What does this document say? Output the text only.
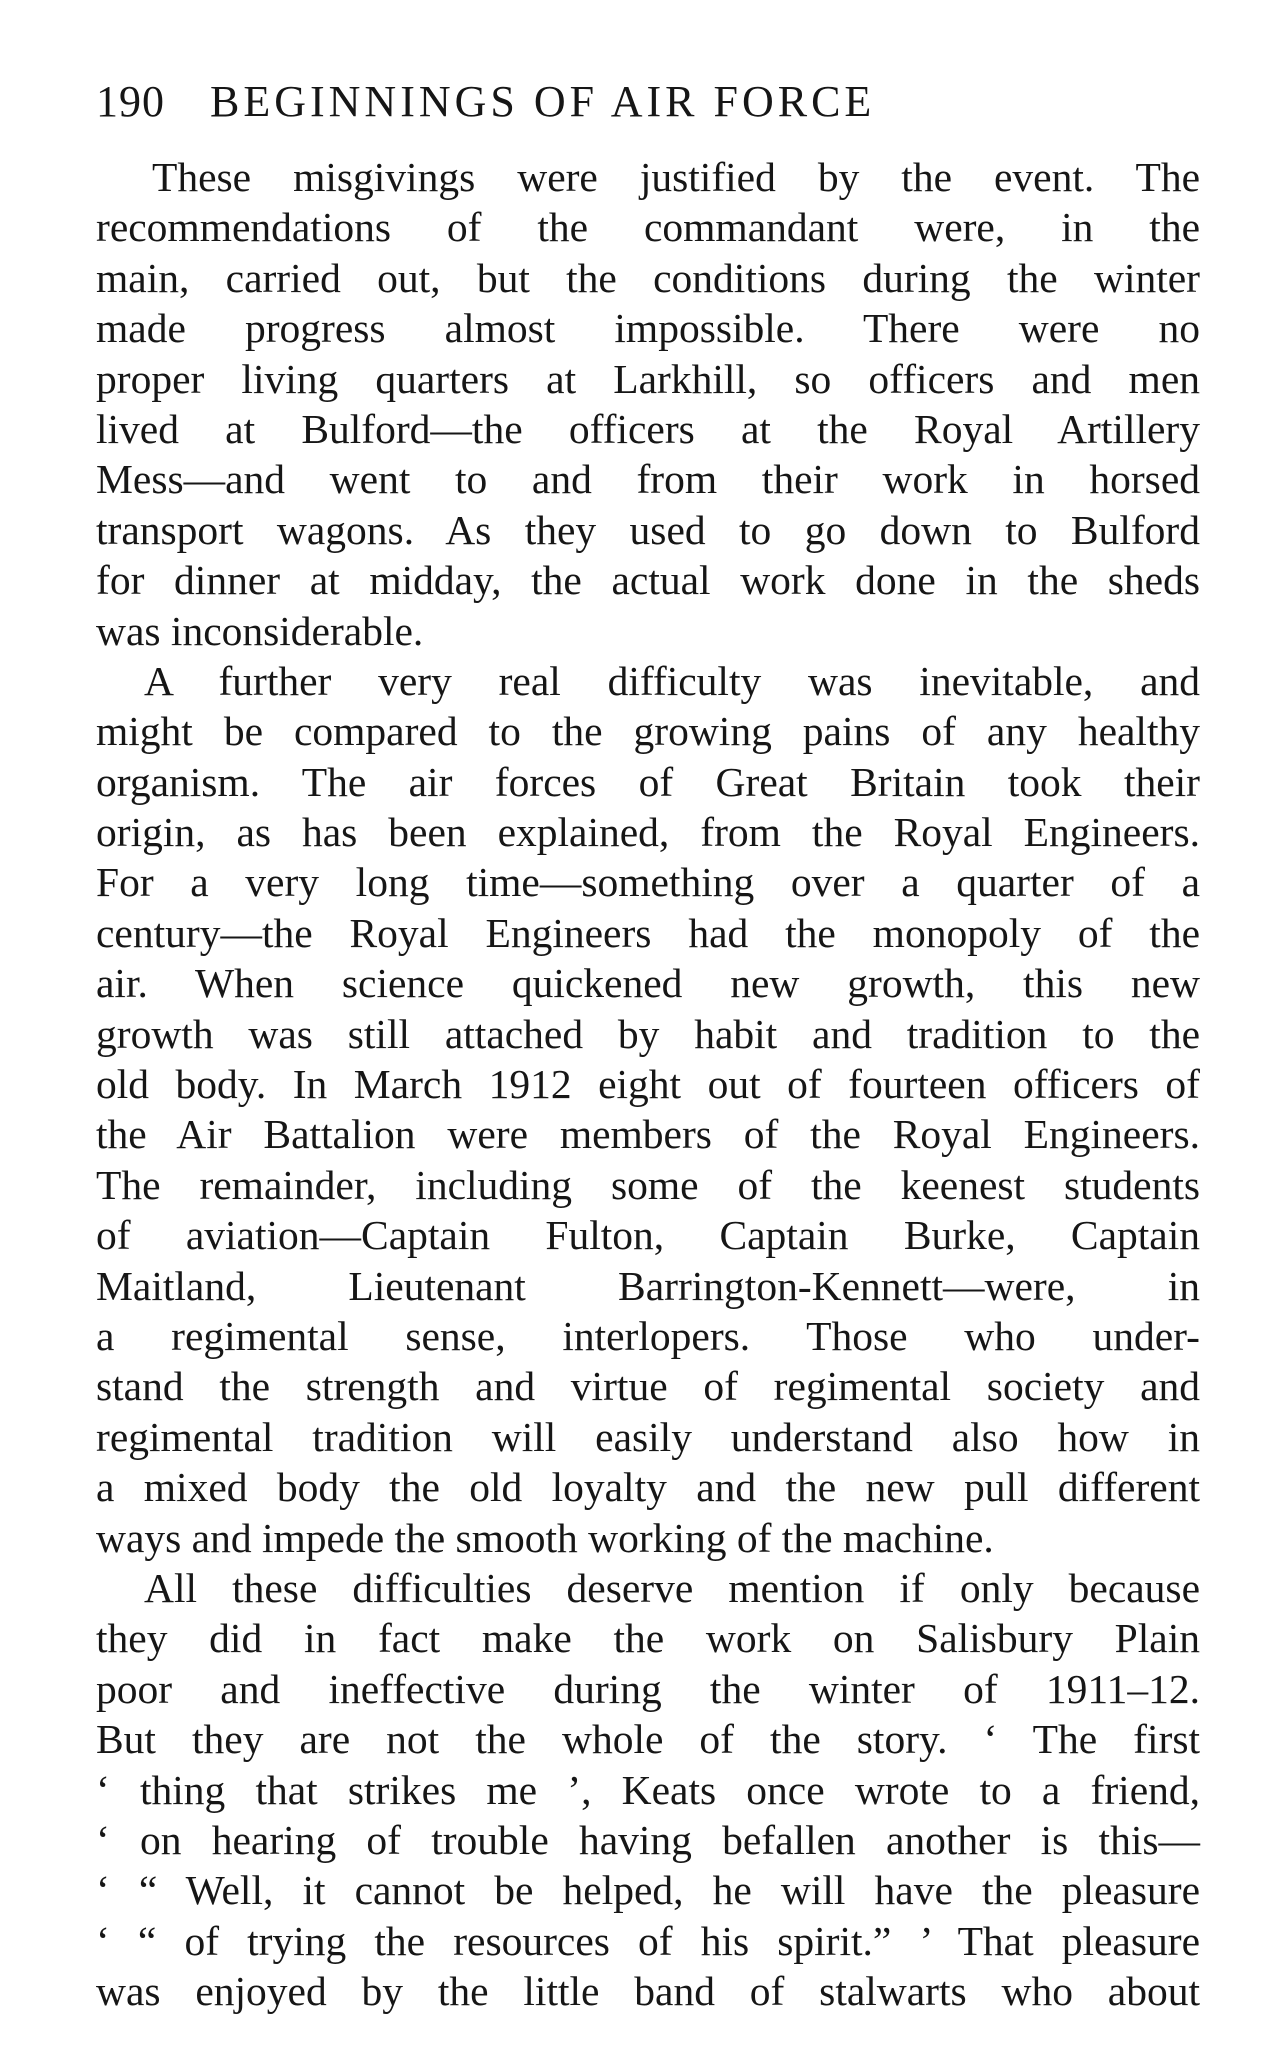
190 BEGINNINGS OF AIR FORCE
These misgivings were justified by the event. The
recommendations of the commandant were, in the
main, carried out, but the conditions during the winter
made progress almost impossible. There were no
proper living quarters at Larkhill, so officers and men
lived at Bulford—the officers at the Royal Artillery
Mess—and went to and from their work in horsed
transport wagons. As they used to go down to Bulford
for dinner at midday, the actual work done in the sheds
was inconsiderable.
A further very real difficulty was inevitable, and
might be compared to the growing pains of any healthy
organism. The air forces of Great Britain took their
origin, as has been explained, from the Royal Engineers.
For a very long time—something over a quarter of a
century—the Royal Engineers had the monopoly of the
air. When science quickened new growth, this new
growth was still attached by habit and tradition to the
old body. In March 1912 eight out of fourteen officers of
the Air Battalion were members of the Royal Engineers.
The remainder, including some of the keenest students
of aviation—Captain Fulton, Captain Burke, Captain
Maitland, Lieutenant Barrington-Kennett—were, in
a regimental sense, interlopers. Those who under-
stand the strength and virtue of regimental society and
regimental tradition will easily understand also how in
a mixed body the old loyalty and the new pull different
ways and impede the smooth working of the machine.
All these difficulties deserve mention if only because
they did in fact make the work on Salisbury Plain
poor and ineffective during the winter of 1911–12.
But they are not the whole of the story. ‘ The first
‘ thing that strikes me ’, Keats once wrote to a friend,
‘ on hearing of trouble having befallen another is this—
‘ “ Well, it cannot be helped, he will have the pleasure
‘ “ of trying the resources of his spirit.” ’ That pleasure
was enjoyed by the little band of stalwarts who about
